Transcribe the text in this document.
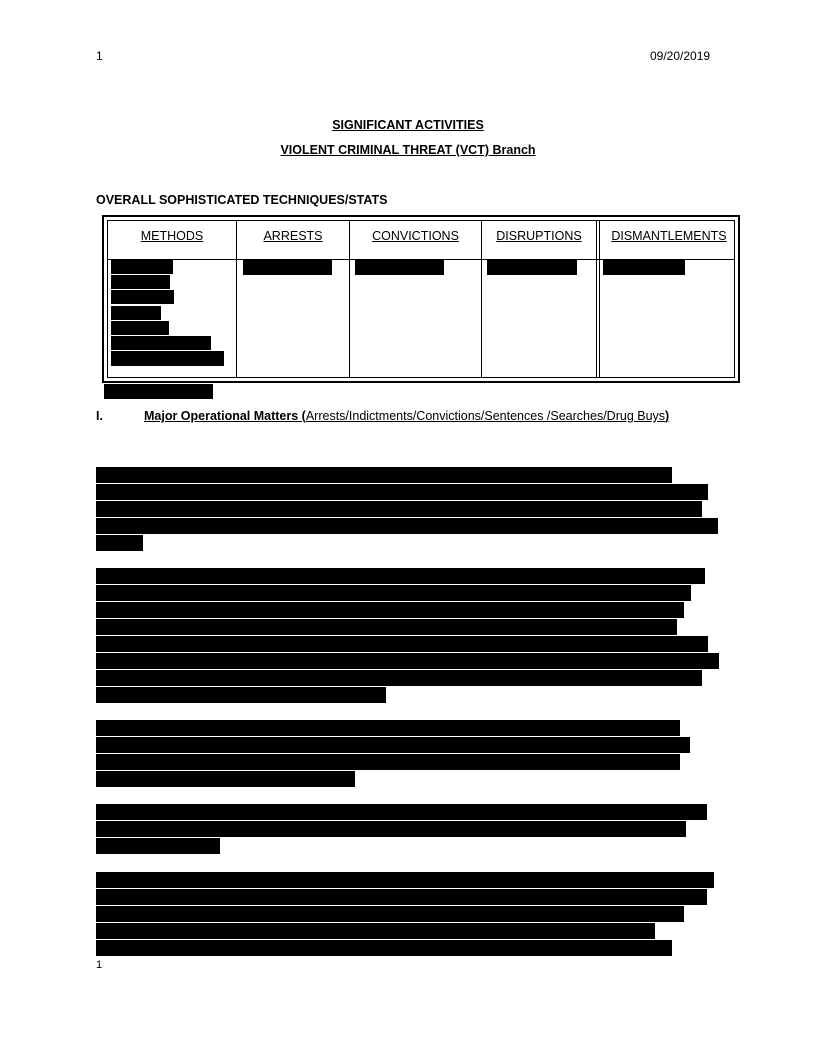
1	09/20/2019
SIGNIFICANT ACTIVITIES
VIOLENT CRIMINAL THREAT (VCT) Branch
OVERALL SOPHISTICATED TECHNIQUES/STATS
METHODS	ARRESTS	CONVICTIONS	DISRUPTIONS	DISMANTLEMENTS
I.	Major Operational Matters (Arrests/Indictments/Convictions/Sentences /Searches/Drug Buys)
1
